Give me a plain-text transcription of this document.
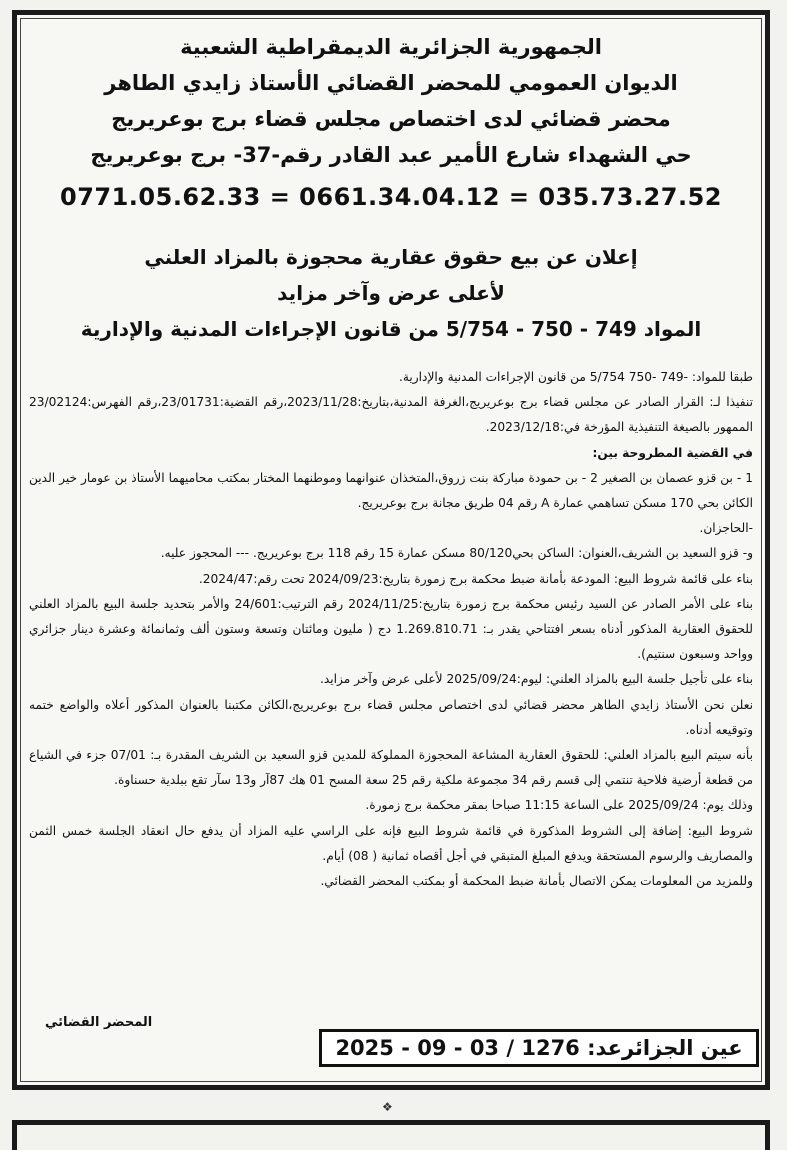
الجمهورية الجزائرية الديمقراطية الشعبية
الديوان العمومي للمحضر القضائي الأستاذ زايدي الطاهر
محضر قضائي لدى اختصاص مجلس قضاء برج بوعريريج
حي الشهداء شارع الأمير عبد القادر رقم-37- برج بوعريريج
0771.05.62.33 = 0661.34.04.12 = 035.73.27.52
إعلان عن بيع حقوق عقارية محجوزة بالمزاد العلني
لأعلى عرض وآخر مزايد
المواد 749 - 750 - 5/754 من قانون الإجراءات المدنية والإدارية

طبقا للمواد: -749 -750 5/754 من قانون الإجراءات المدنية والإدارية.

تنفيذا لـ: القرار الصادر عن مجلس قضاء برج بوعريريج،الغرفة المدنية،بتاريخ:2023/11/28،رقم القضية:23/01731،رقم الفهرس:23/02124 الممهور بالصيغة التنفيذية المؤرخة في:2023/12/18.

في القضية المطروحة بين:

1 - بن قزو عصمان بن الصغير 2 - بن حمودة مباركة بنت زروق،المتخذان عنوانهما وموطنهما المختار بمكتب محاميهما الأستاذ بن عومار خير الدين الكائن بحي 170 مسكن تساهمي عمارة A رقم 04 طريق مجانة برج بوعريريج.

-الحاجزان.

و- قزو السعيد بن الشريف،العنوان: الساكن بحي80/120 مسكن عمارة 15 رقم 118 برج بوعريريج. --- المحجوز عليه.

بناء على قائمة شروط البيع: المودعة بأمانة ضبط محكمة برج زمورة بتاريخ:2024/09/23 تحت رقم:2024/47.

بناء على الأمر الصادر عن السيد رئيس محكمة برج زمورة بتاريخ:2024/11/25 رقم الترتيب:24/601 والأمر بتحديد جلسة البيع بالمزاد العلني للحقوق العقارية المذكور أدناه بسعر افتتاحي يقدر بـ: 1.269.810.71 دج ( مليون ومائتان وتسعة وستون ألف وثمانمائة وعشرة دينار جزائري وواحد وسبعون سنتيم).

بناء على تأجيل جلسة البيع بالمزاد العلني: ليوم:2025/09/24 لأعلى عرض وآخر مزايد.

نعلن نحن الأستاذ زايدي الطاهر محضر قضائي لدى اختصاص مجلس قضاء برج بوعريريج،الكائن مكتبنا بالعنوان المذكور أعلاه والواضع ختمه وتوقيعه أدناه.

بأنه سيتم البيع بالمزاد العلني: للحقوق العقارية المشاعة المحجوزة المملوكة للمدين قزو السعيد بن الشريف المقدرة بـ: 07/01 جزء في الشياع من قطعة أرضية فلاحية تنتمي إلى قسم رقم 34 مجموعة ملكية رقم 25 سعة المسح 01 هك 87آر و13 سآر تقع ببلدية حسناوة.

وذلك يوم: 2025/09/24 على الساعة 11:15 صباحا بمقر محكمة برج زمورة.

شروط البيع: إضافة إلى الشروط المذكورة في قائمة شروط البيع فإنه على الراسي عليه المزاد أن يدفع حال انعقاد الجلسة خمس الثمن والمصاريف والرسوم المستحقة ويدفع المبلغ المتبقي في أجل أقصاه ثمانية ( 08) أيام.

وللمزيد من المعلومات يمكن الاتصال بأمانة ضبط المحكمة أو بمكتب المحضر القضائي.

المحضر القضائي
عين الجزائرعد: 1276 / 03 - 09 - 2025
❖
